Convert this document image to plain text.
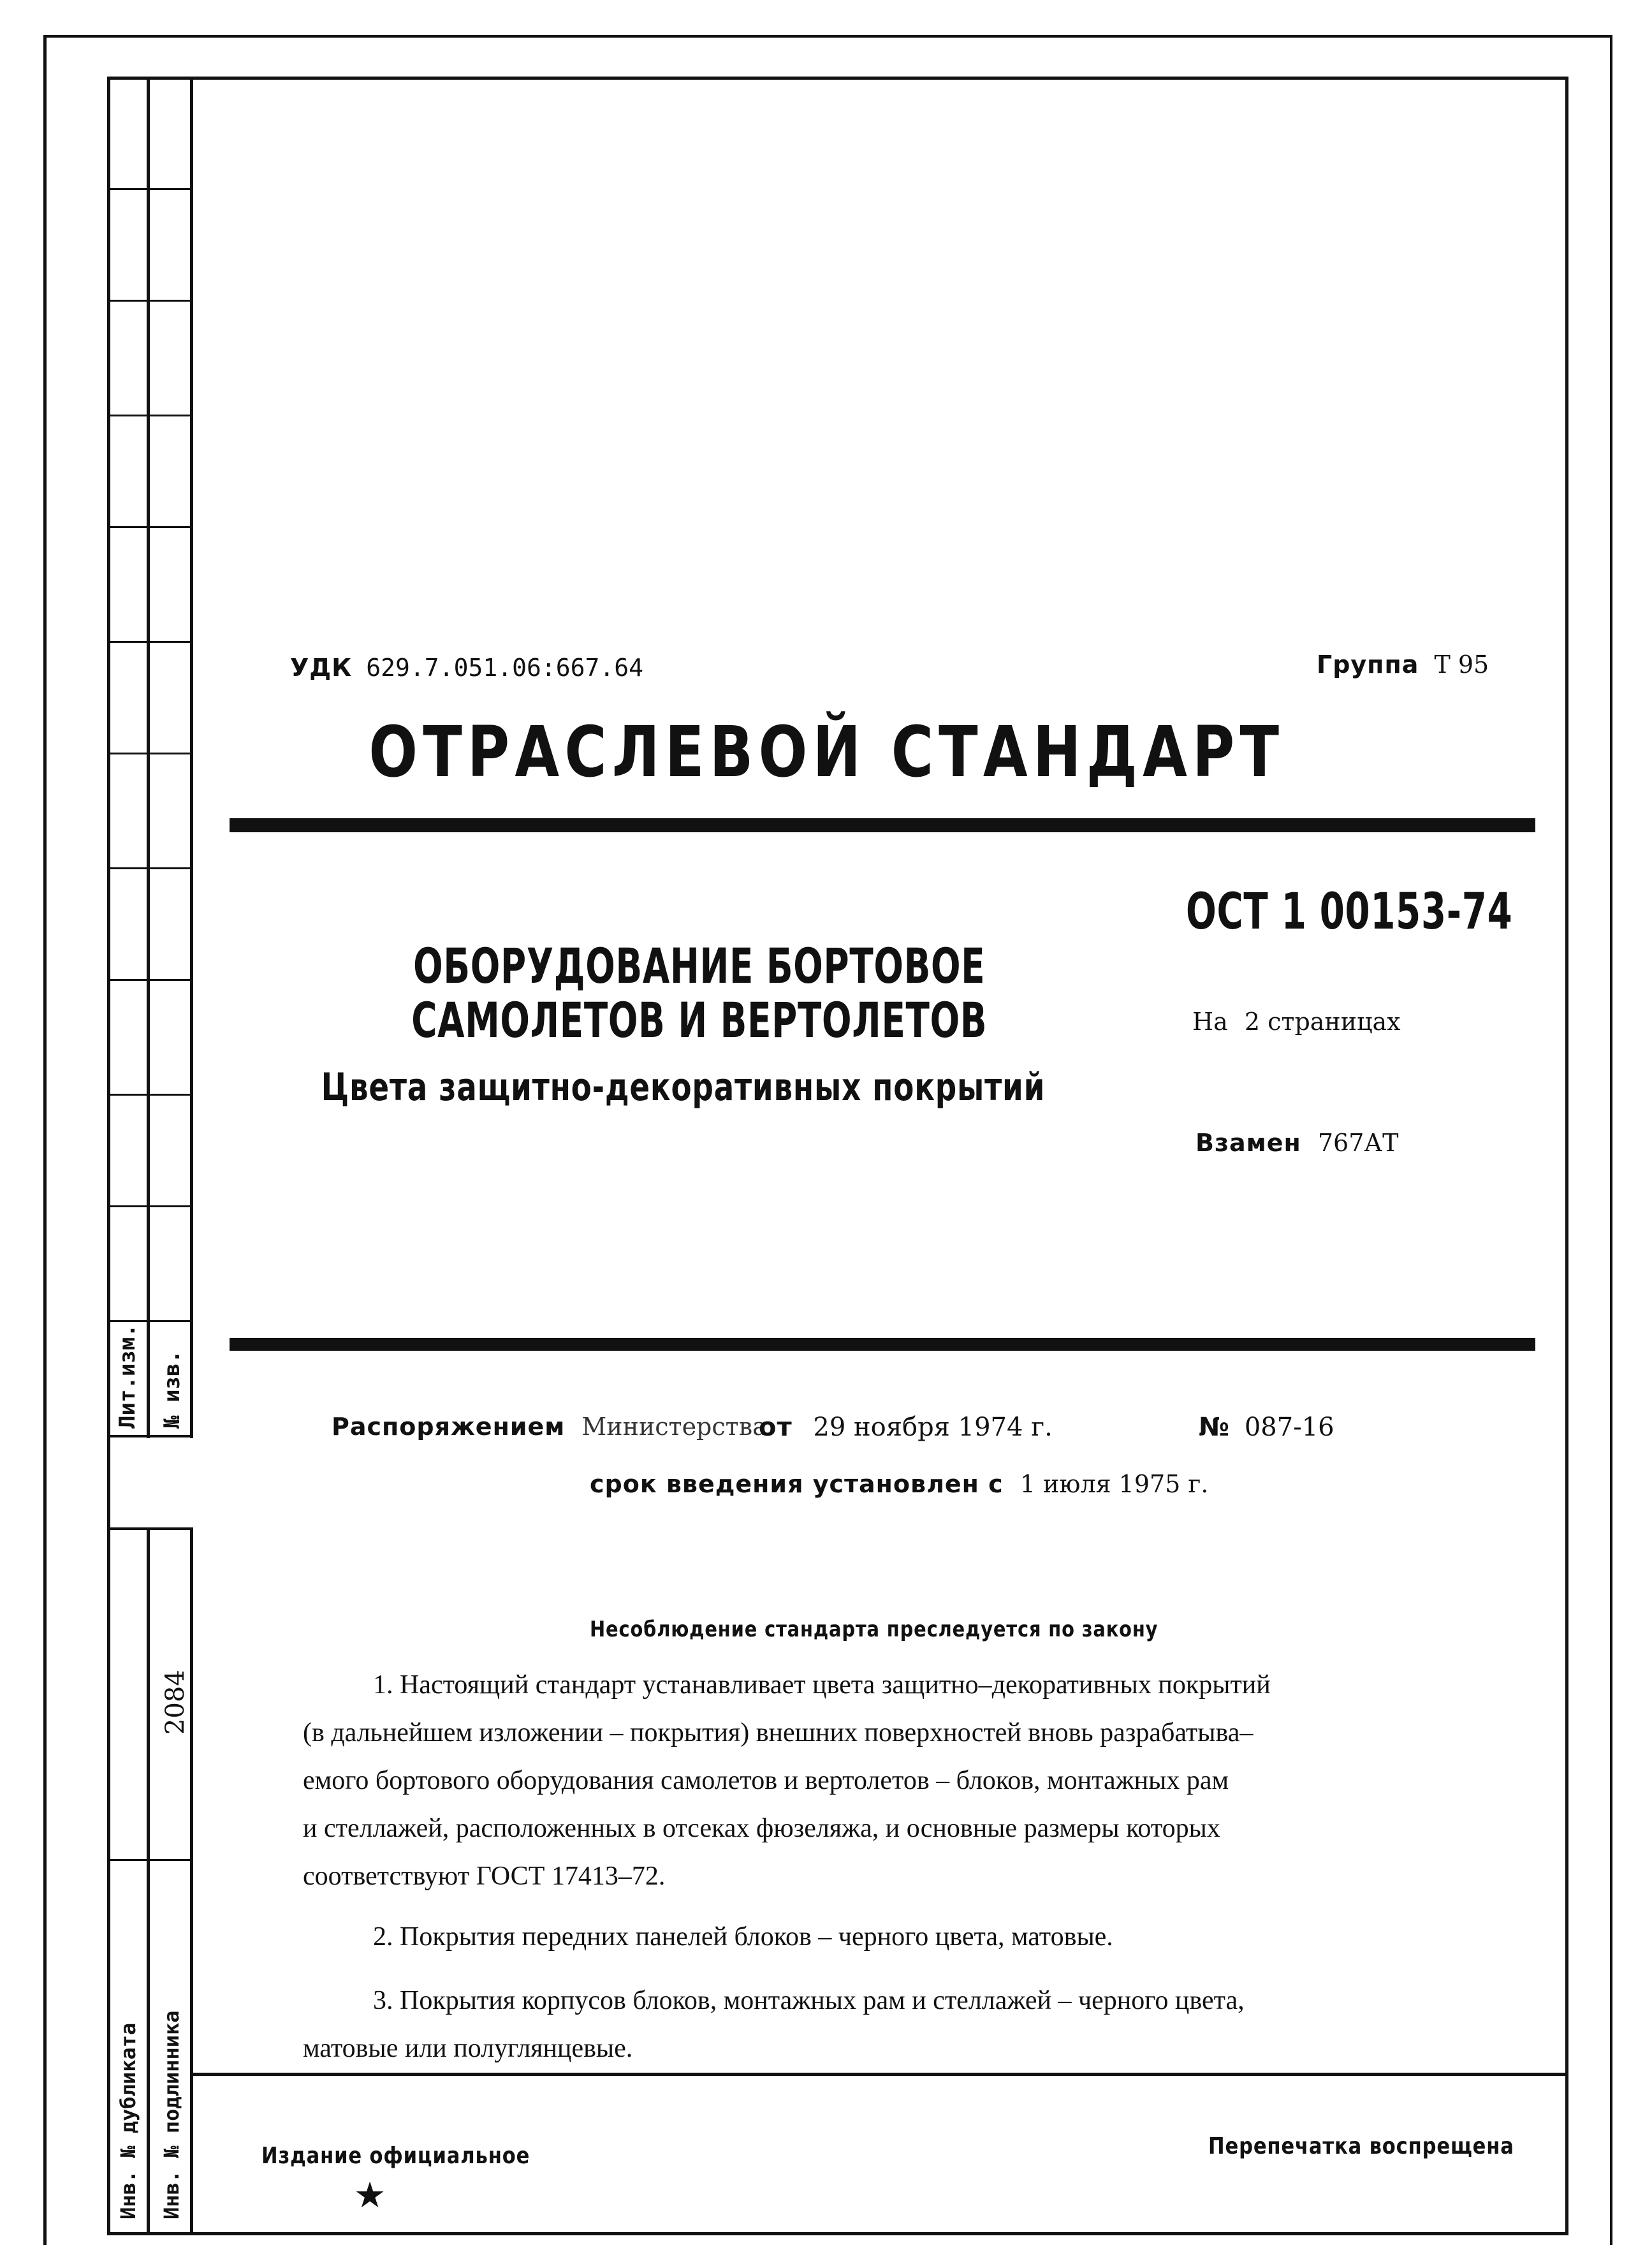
Лит.изм. № изв.
2084
Инв. № дубликата Инв. № подлинника
УДК 629.7.051.06:667.64	Группа Т 95
ОТРАСЛЕВОЙ СТАНДАРТ
ОСТ 1 00153-74
ОБОРУДОВАНИЕ БОРТОВОЕ
САМОЛЕТОВ И ВЕРТОЛЕТОВ
Цвета защитно-декоративных покрытий
На 2 страницах
Взамен 767АТ
Распоряжением Министерства
от 29 ноября 1974 г.	№ 087-16
срок введения установлен с 1 июля 1975 г.
Несоблюдение стандарта преследуется по закону
1. Настоящий стандарт устанавливает цвета защитно–декоративных покрытий
(в дальнейшем изложении – покрытия) внешних поверхностей вновь разрабатыва–
емого бортового оборудования самолетов и вертолетов – блоков, монтажных рам
и стеллажей, расположенных в отсеках фюзеляжа, и основные размеры которых
соответствуют ГОСТ 17413–72.
2. Покрытия передних панелей блоков – черного цвета, матовые.
3. Покрытия корпусов блоков, монтажных рам и стеллажей – черного цвета,
матовые или полуглянцевые.
Издание официальное
★
Перепечатка воспрещена
